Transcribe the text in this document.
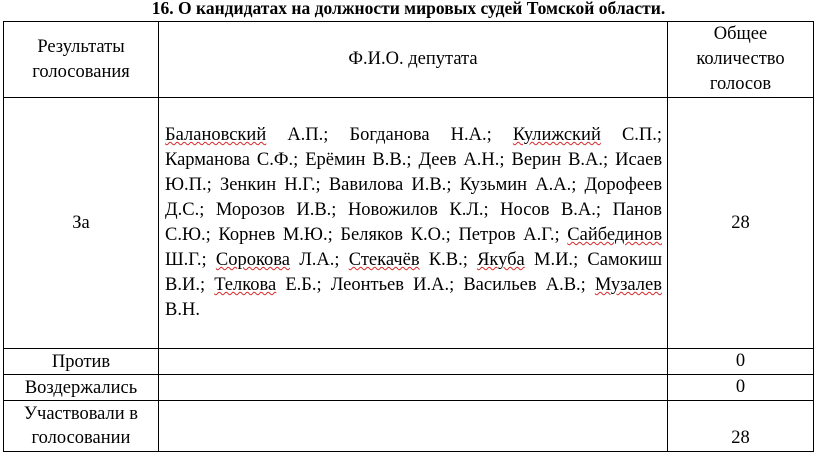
16. О кандидатах на должности мировых судей Томской области.
Результаты голосования	Ф.И.О. депутата	Общее количество голосов
За	Балановский А.П.; Богданова Н.А.; Кулижский С.П.; Карманова С.Ф.; Ерёмин В.В.; Деев А.Н.; Верин В.А.; Исаев Ю.П.; Зенкин Н.Г.; Вавилова И.В.; Кузьмин А.А.; Дорофеев Д.С.; Морозов И.В.; Новожилов К.Л.; Носов В.А.; Панов С.Ю.; Корнев М.Ю.; Беляков К.О.; Петров А.Г.; Сайбединов Ш.Г.; Сорокова Л.А.; Стекачёв К.В.; Якуба М.И.; Самокиш В.И.; Телкова Е.Б.; Леонтьев И.А.; Васильев А.В.; Музалев В.Н.	28
Против		0
Воздержались		0
Участвовали в голосовании		28
